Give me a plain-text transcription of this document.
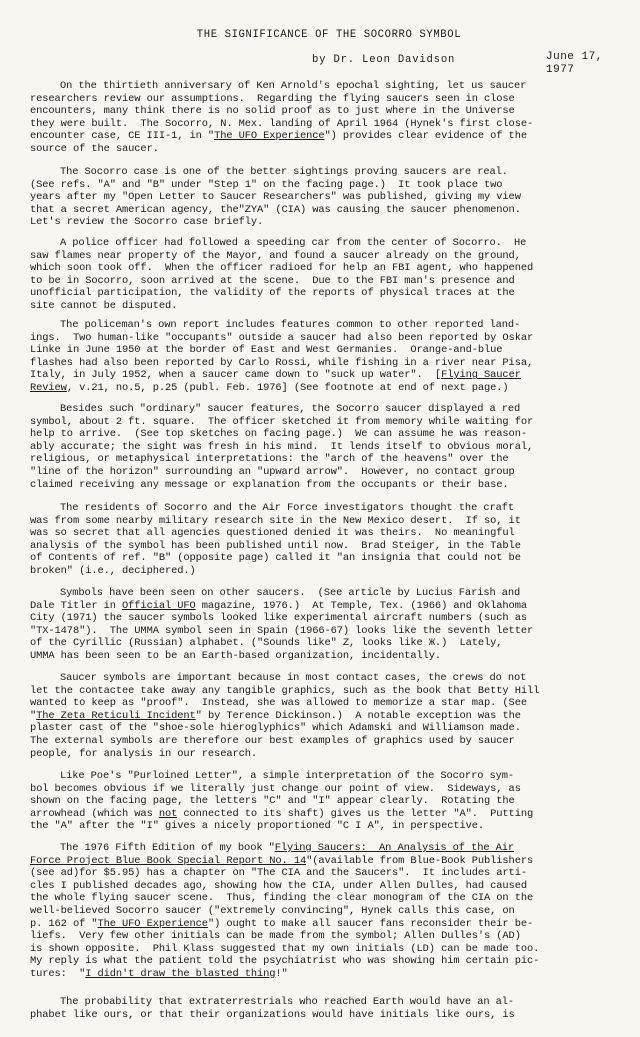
THE SIGNIFICANCE OF THE SOCORRO SYMBOL
by Dr. Leon Davidson	June 17, 1977
On the thirtieth anniversary of Ken Arnold's epochal sighting, let us saucer
researchers review our assumptions.  Regarding the flying saucers seen in close
encounters, many think there is no solid proof as to just where in the Universe
they were built.  The Socorro, N. Mex. landing of April 1964 (Hynek's first close-
encounter case, CE III-1, in "The UFO Experience") provides clear evidence of the
source of the saucer.
The Socorro case is one of the better sightings proving saucers are real.
(See refs. "A" and "B" under "Step 1" on the facing page.)  It took place two
years after my "Open Letter to Saucer Researchers" was published, giving my view
that a secret American agency, the"ZYA" (CIA) was causing the saucer phenomenon.
Let's review the Socorro case briefly.
A police officer had followed a speeding car from the center of Socorro.  He
saw flames near property of the Mayor, and found a saucer already on the ground,
which soon took off.  When the officer radioed for help an FBI agent, who happened
to be in Socorro, soon arrived at the scene.  Due to the FBI man's presence and
unofficial participation, the validity of the reports of physical traces at the
site cannot be disputed.
The policeman's own report includes features common to other reported land-
ings.  Two human-like "occupants" outside a saucer had also been reported by Oskar
Linke in June 1950 at the border of East and West Germanies.  Orange-and-blue
flashes had also been reported by Carlo Rossi, while fishing in a river near Pisa,
Italy, in July 1952, when a saucer came down to "suck up water".  [Flying Saucer
Review, v.21, no.5, p.25 (publ. Feb. 1976] (See footnote at end of next page.)
Besides such "ordinary" saucer features, the Socorro saucer displayed a red
symbol, about 2 ft. square.  The officer sketched it from memory while waiting for
help to arrive.  (See top sketches on facing page.)  We can assume he was reason-
ably accurate; the sight was fresh in his mind.  It lends itself to obvious moral,
religious, or metaphysical interpretations: the "arch of the heavens" over the
"line of the horizon" surrounding an "upward arrow".  However, no contact group
claimed receiving any message or explanation from the occupants or their base.
The residents of Socorro and the Air Force investigators thought the craft
was from some nearby military research site in the New Mexico desert.  If so, it
was so secret that all agencies questioned denied it was theirs.  No meaningful
analysis of the symbol has been published until now.  Brad Steiger, in the Table
of Contents of ref. "B" (opposite page) called it "an insignia that could not be
broken" (i.e., deciphered.)
Symbols have been seen on other saucers.  (See article by Lucius Farish and
Dale Titler in Official UFO magazine, 1976.)  At Temple, Tex. (1966) and Oklahoma
City (1971) the saucer symbols looked like experimental aircraft numbers (such as
"TX-1478").  The UMMA symbol seen in Spain (1966-67) looks like the seventh letter
of the Cyrillic (Russian) alphabet. ("Sounds like" Z, looks like Ж.)  Lately,
UMMA has been seen to be an Earth-based organization, incidentally.
Saucer symbols are important because in most contact cases, the crews do not
let the contactee take away any tangible graphics, such as the book that Betty Hill
wanted to keep as "proof".  Instead, she was allowed to memorize a star map. (See
"The Zeta Reticuli Incident" by Terence Dickinson.)  A notable exception was the
plaster cast of the "shoe-sole hieroglyphics" which Adamski and Williamson made.
The external symbols are therefore our best examples of graphics used by saucer
people, for analysis in our research.
Like Poe's "Purloined Letter", a simple interpretation of the Socorro sym-
bol becomes obvious if we literally just change our point of view.  Sideways, as
shown on the facing page, the letters "C" and "I" appear clearly.  Rotating the
arrowhead (which was not connected to its shaft) gives us the letter "A".  Putting
the "A" after the "I" gives a nicely proportioned "C I A", in perspective.
The 1976 Fifth Edition of my book "Flying Saucers:  An Analysis of the Air
Force Project Blue Book Special Report No. 14"(available from Blue-Book Publishers
(see ad)for $5.95) has a chapter on "The CIA and the Saucers".  It includes arti-
cles I published decades ago, showing how the CIA, under Allen Dulles, had caused
the whole flying saucer scene.  Thus, finding the clear monogram of the CIA on the
well-believed Socorro saucer ("extremely convincing", Hynek calls this case, on
p. 162 of "The UFO Experience") ought to make all saucer fans reconsider their be-
liefs.  Very few other initials can be made from the symbol; Allen Dulles's (AD)
is shown opposite.  Phil Klass suggested that my own initials (LD) can be made too.
My reply is what the patient told the psychiatrist who was showing him certain pic-
tures:  "I didn't draw the blasted thing!"
The probability that extraterrestrials who reached Earth would have an al-
phabet like ours, or that their organizations would have initials like ours, is
